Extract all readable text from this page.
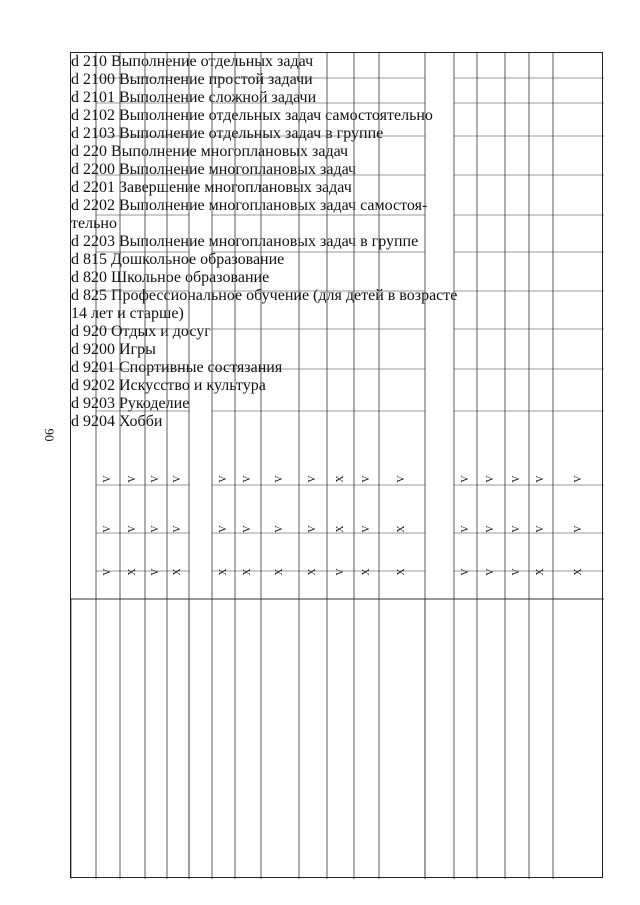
90
d 210 Выполнение отдельных задач
d 2100 Выполнение простой задачи
V
V
V
d 2101 Выполнение сложной задачи
X
V
V
d 2102 Выполнение отдельных задач самостоятельно
V
V
V
d 2103 Выполнение отдельных задач в группе
X
V
V
d 220 Выполнение многоплановых задач
d 2200 Выполнение многоплановых задач
X
V
V
d 2201 Завершение многоплановых задач
X
V
V
d 2202 Выполнение многоплановых задач самостоя-
тельно
X
V
V
d 2203 Выполнение многоплановых задач в группе
X
V
V
d 815 Дошкольное образование
V
X
X
d 820 Школьное образование
X
V
V
d 825 Профессиональное обучение (для детей в возрасте
14 лет и старше)
X
X
V
d 920 Отдых и досуг
d 9200 Игры
V
V
V
d 9201 Спортивные состязания
V
V
V
d 9202 Искусство и культура
V
V
V
d 9203 Рукоделие
X
V
V
d 9204 Хобби
X
V
V
